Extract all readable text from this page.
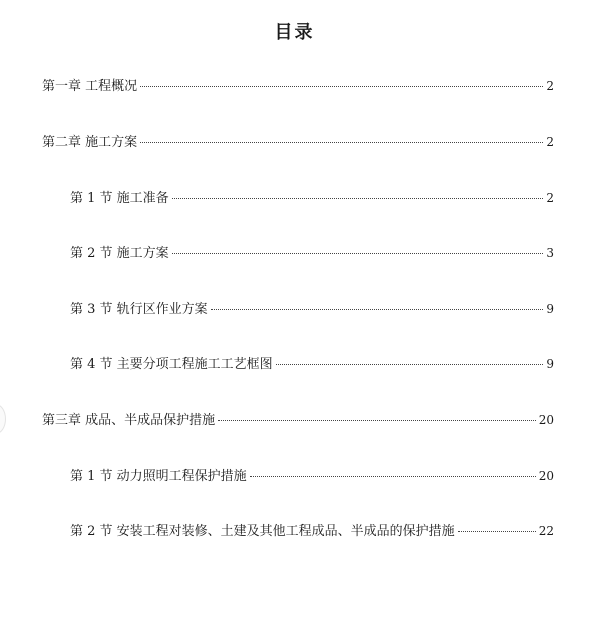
目录
第一章 工程概况	2
第二章 施工方案	2
第 1 节 施工准备	2
第 2 节 施工方案	3
第 3 节 轨行区作业方案	9
第 4 节 主要分项工程施工工艺框图	9
第三章 成品、半成品保护措施	20
第 1 节 动力照明工程保护措施	20
第 2 节 安装工程对装修、土建及其他工程成品、半成品的保护措施	22
